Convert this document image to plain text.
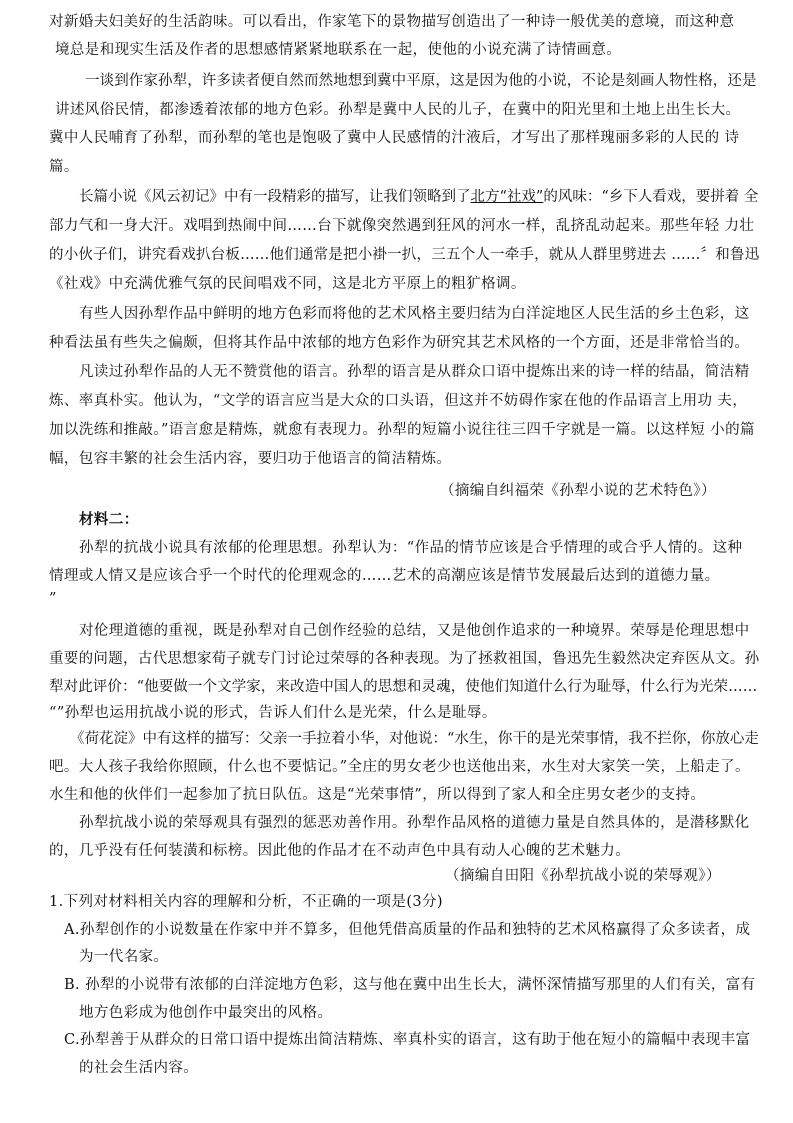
对新婚夫妇美好的生活韵味。可以看出，作家笔下的景物描写创造出了一种诗一般优美的意境，而这种意

境总是和现实生活及作者的思想感情紧紧地联系在一起，使他的小说充满了诗情画意。

一谈到作家孙犁，许多读者便自然而然地想到冀中平原，这是因为他的小说，不论是刻画人物性格，还是

讲述风俗民情，都渗透着浓郁的地方色彩。孙犁是冀中人民的儿子，在冀中的阳光里和土地上出生长大。

冀中人民哺育了孙犁，而孙犁的笔也是饱吸了冀中人民感情的汁液后，才写出了那样瑰丽多彩的人民的 诗

篇。

长篇小说《风云初记》中有一段精彩的描写，让我们领略到了北方“社戏”的风味：“乡下人看戏，要拼着 全

部力气和一身大汗。戏唱到热闹中间……台下就像突然遇到狂风的河水一样，乱挤乱动起来。那些年轻 力壮

的小伙子们，讲究看戏扒台板……他们通常是把小褂一扒，三五个人一牵手，就从人群里劈进去 ……〞和鲁迅

《社戏》中充满优雅气氛的民间唱戏不同，这是北方平原上的粗犷格调。

有些人因孙犁作品中鲜明的地方色彩而将他的艺术风格主要归结为白洋淀地区人民生活的乡土色彩，这

种看法虽有些失之偏颇，但将其作品中浓郁的地方色彩作为研究其艺术风格的一个方面，还是非常恰当的。

凡读过孙犁作品的人无不赞赏他的语言。孙犁的语言是从群众口语中提炼出来的诗一样的结晶，简洁精

炼、率真朴实。他认为，“文学的语言应当是大众的口头语，但这并不妨碍作家在他的作品语言上用功 夫，

加以洗练和推敲。”语言愈是精炼，就愈有表现力。孙犁的短篇小说往往三四千字就是一篇。以这样短 小的篇

幅，包容丰繁的社会生活内容，要归功于他语言的简洁精炼。

（摘编自纠福荣《孙犁小说的艺术特色》）

材料二：

孙犁的抗战小说具有浓郁的伦理思想。孙犁认为：“作品的情节应该是合乎情理的或合乎人情的。这种

情理或人情又是应该合乎一个时代的伦理观念的……艺术的高潮应该是情节发展最后达到的道德力量。

”

对伦理道德的重视，既是孙犁对自己创作经验的总结，又是他创作追求的一种境界。荣辱是伦理思想中

重要的问题，古代思想家荀子就专门讨论过荣辱的各种表现。为了拯救祖国，鲁迅先生毅然决定弃医从文。孙

犁对此评价：“他要做一个文学家，来改造中国人的思想和灵魂，使他们知道什么行为耻辱，什么行为光荣……

“”孙犁也运用抗战小说的形式，告诉人们什么是光荣，什么是耻辱。

《荷花淀》中有这样的描写：父亲一手拉着小华，对他说：“水生，你干的是光荣事情，我不拦你，你放心走

吧。大人孩子我给你照顾，什么也不要惦记。”全庄的男女老少也送他出来，水生对大家笑一笑，上船走了。

水生和他的伙伴们一起参加了抗日队伍。这是“光荣事情”，所以得到了家人和全庄男女老少的支持。

孙犁抗战小说的荣辱观具有强烈的惩恶劝善作用。孙犁作品风格的道德力量是自然具体的，是潜移默化

的，几乎没有任何装潢和标榜。因此他的作品才在不动声色中具有动人心魄的艺术魅力。

（摘编自田阳《孙犁抗战小说的荣辱观》）

1.下列对材料相关内容的理解和分析，不正确的一项是(3分)

A.孙犁创作的小说数量在作家中并不算多，但他凭借高质量的作品和独特的艺术风格赢得了众多读者，成

为一代名家。

B. 孙犁的小说带有浓郁的白洋淀地方色彩，这与他在冀中出生长大，满怀深情描写那里的人们有关，富有

地方色彩成为他创作中最突出的风格。

C.孙犁善于从群众的日常口语中提炼出简洁精炼、率真朴实的语言，这有助于他在短小的篇幅中表现丰富

的社会生活内容。
